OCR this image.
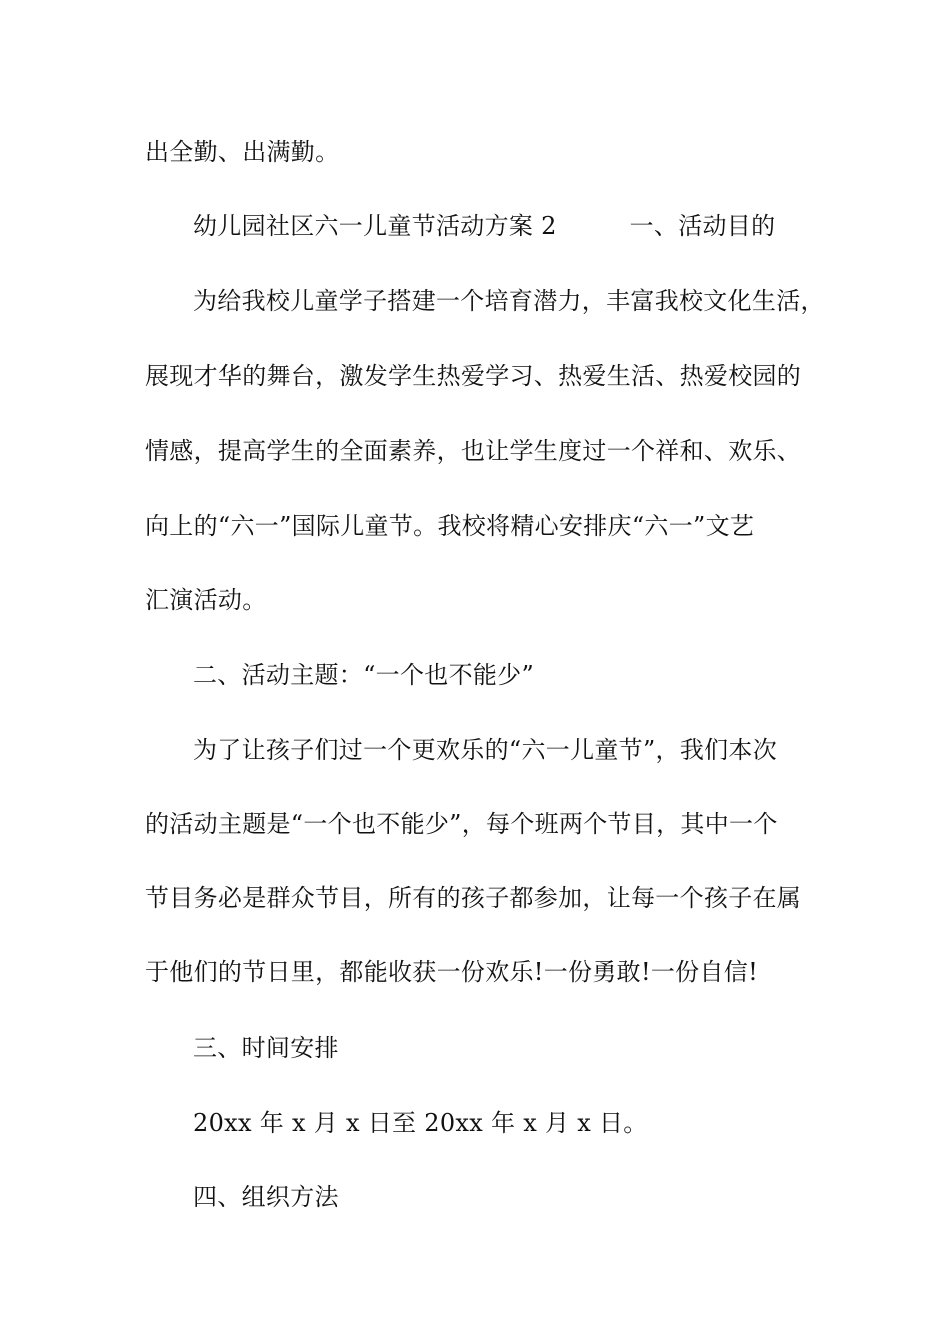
出全勤、出满勤。
幼儿园社区六一儿童节活动方案 2　　　一、活动目的
为给我校儿童学子搭建一个培育潜力，丰富我校文化生活，
展现才华的舞台，激发学生热爱学习、热爱生活、热爱校园的
情感，提高学生的全面素养，也让学生度过一个祥和、欢乐、
向上的“六一”国际儿童节。我校将精心安排庆“六一”文艺
汇演活动。
二、活动主题：“一个也不能少”
为了让孩子们过一个更欢乐的“六一儿童节”，我们本次
的活动主题是“一个也不能少”，每个班两个节目，其中一个
节目务必是群众节目，所有的孩子都参加，让每一个孩子在属
于他们的节日里，都能收获一份欢乐!一份勇敢!一份自信!
三、时间安排
20xx 年 x 月 x 日至 20xx 年 x 月 x 日。
四、组织方法
